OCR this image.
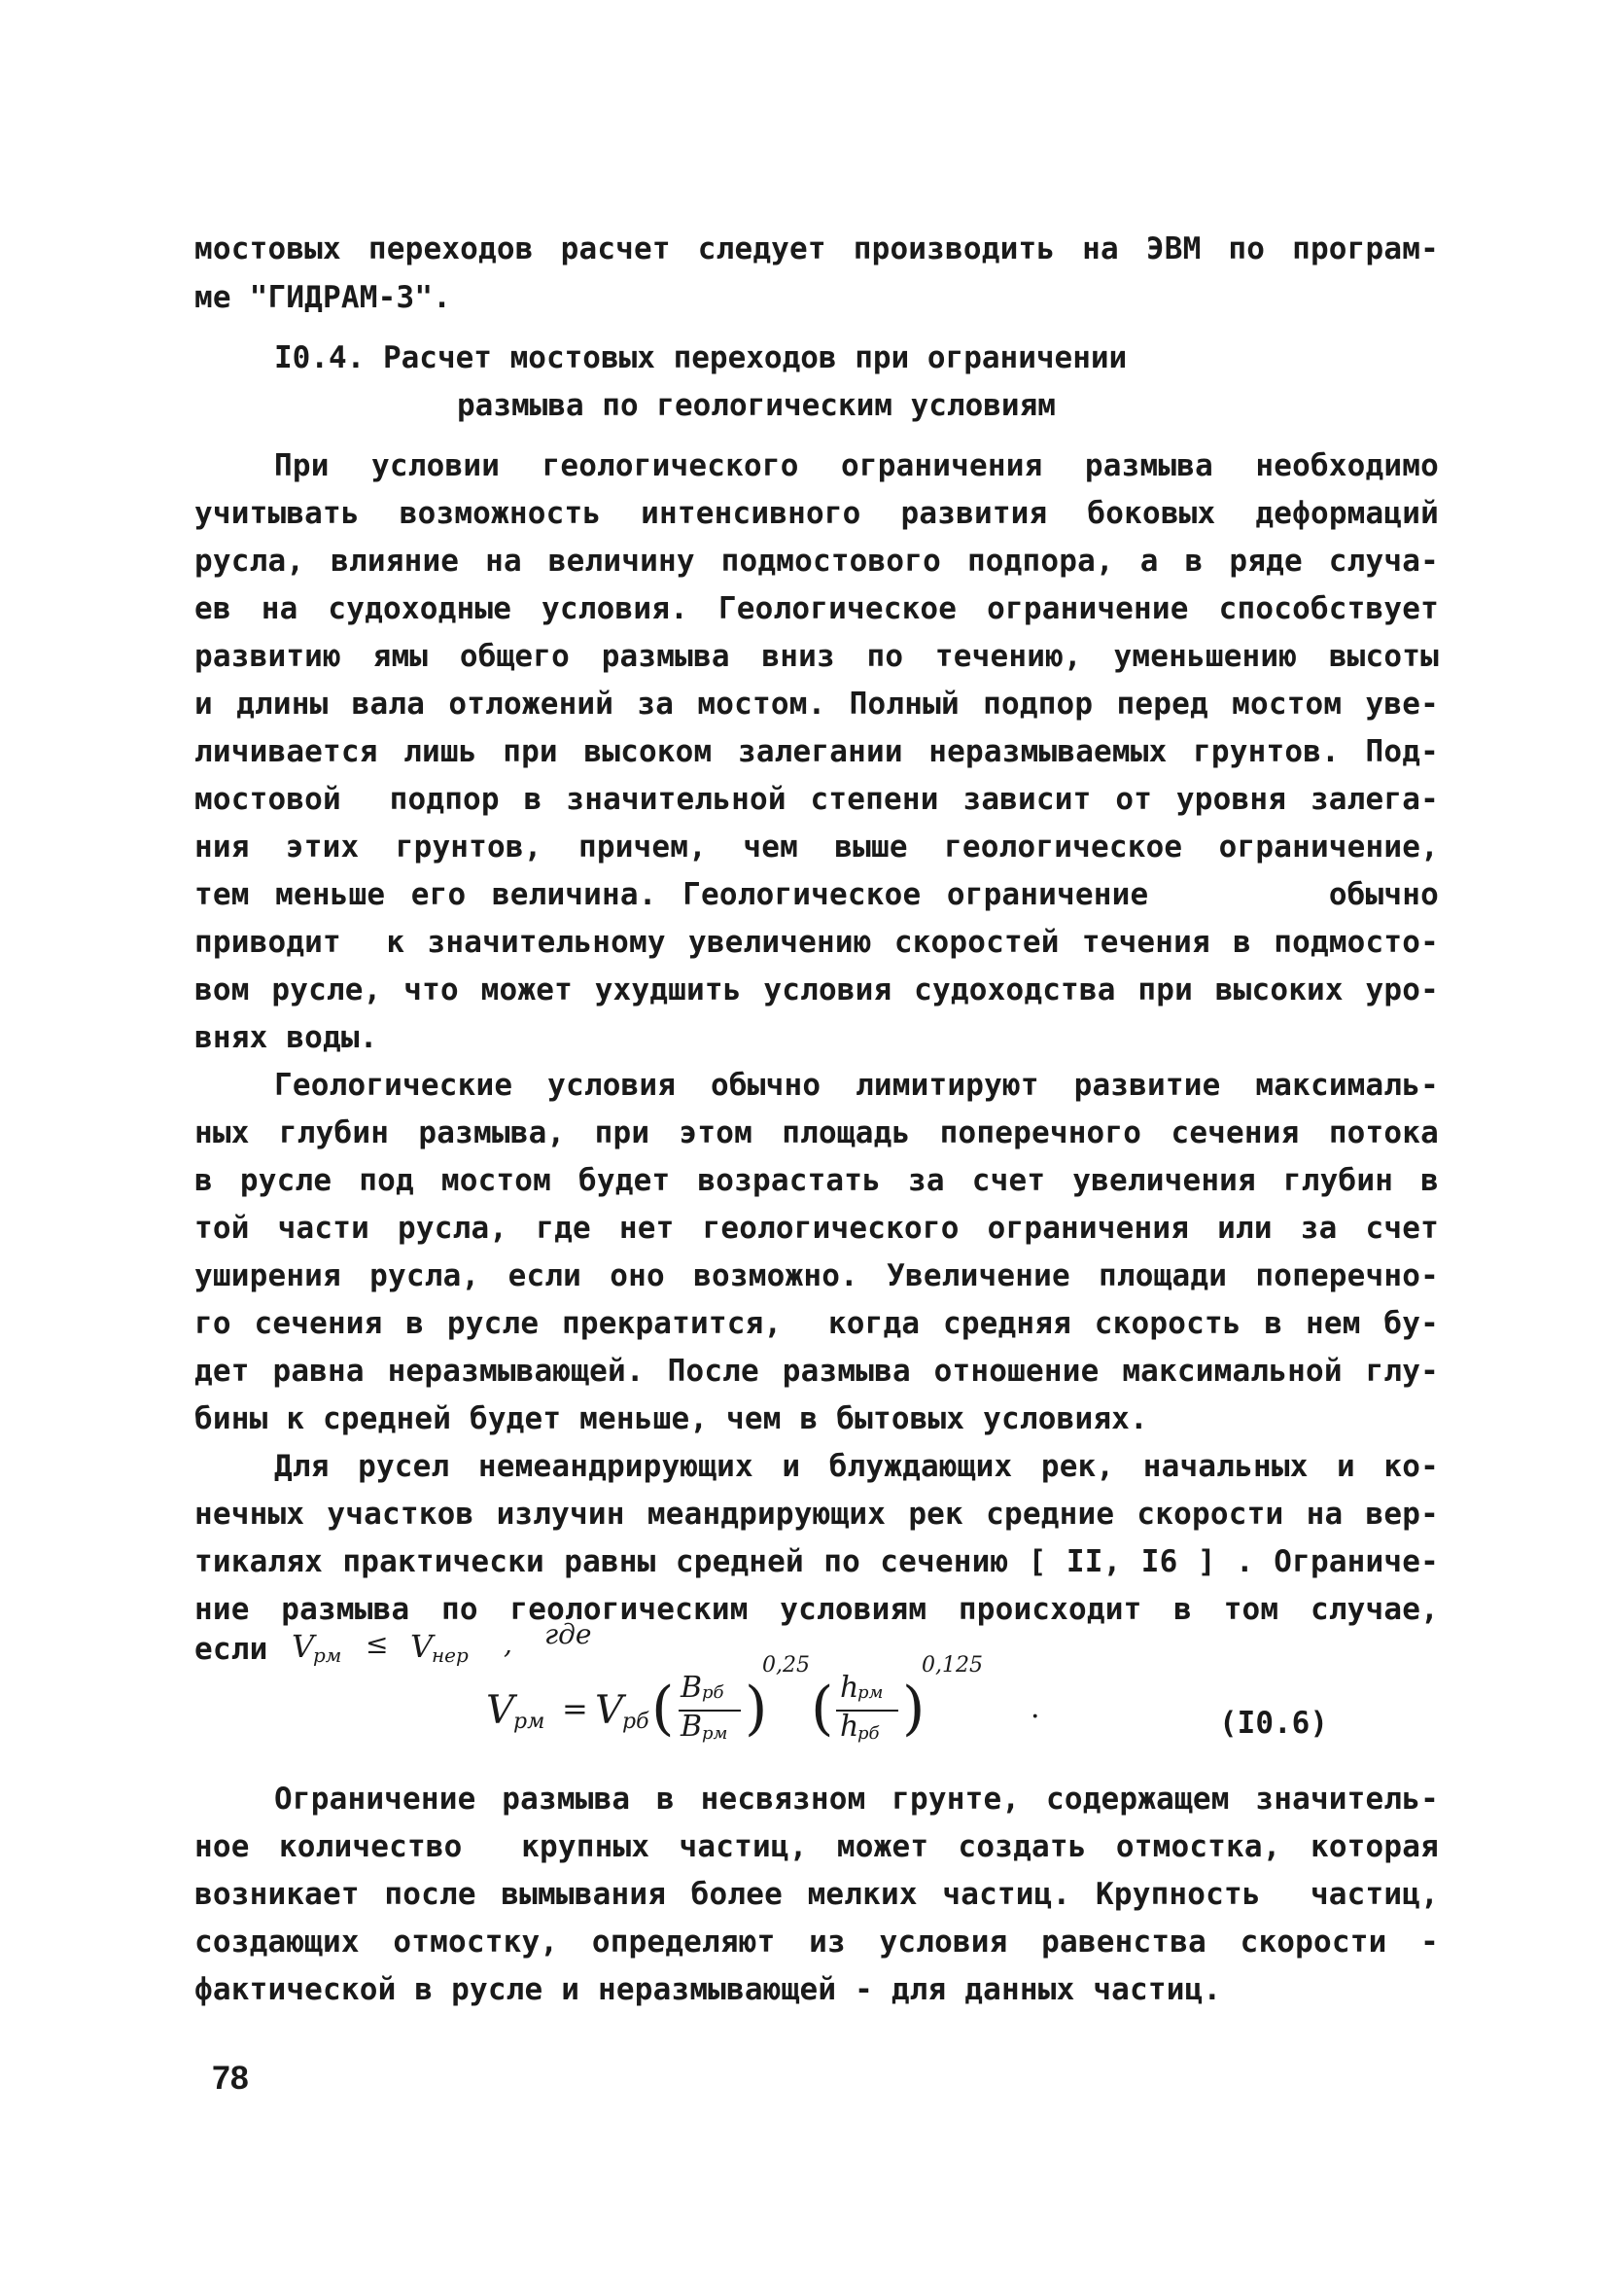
мостовых переходов расчет следует производить на ЭВМ по програм-
ме "ГИДРАМ-3".
I0.4. Расчет мостовых переходов при ограничении
размыва по геологическим условиям
При условии геологического ограничения размыва необходимо
учитывать возможность интенсивного развития боковых деформаций
русла, влияние на величину подмостового подпора, а в ряде случа-
ев на судоходные условия. Геологическое ограничение способствует
развитию ямы общего размыва вниз по течению, уменьшению высоты
и длины вала отложений за мостом. Полный подпор перед мостом уве-
личивается лишь при высоком залегании неразмываемых грунтов. Под-
мостовой  подпор в значительной степени зависит от уровня залега-
ния этих грунтов, причем, чем выше геологическое ограничение,
тем меньше его величина. Геологическое ограничение       обычно
приводит  к значительному увеличению скоростей течения в подмосто-
вом русле, что может ухудшить условия судоходства при высоких уро-
внях воды.
Геологические условия обычно лимитируют развитие максималь-
ных глубин размыва, при этом площадь поперечного сечения потока
в русле под мостом будет возрастать за счет увеличения глубин в
той части русла, где нет геологического ограничения или за счет
уширения русла, если оно возможно. Увеличение площади поперечно-
го сечения в русле прекратится,  когда средняя скорость в нем бу-
дет равна неразмывающей. После размыва отношение максимальной глу-
бины к средней будет меньше, чем в бытовых условиях.
Для русел немеандрирующих и блуждающих рек, начальных и ко-
нечных участков излучин меандрирующих рек средние скорости на вер-
тикалях практически равны средней по сечению [ II, I6 ] . Ограниче-
ние размыва по геологическим условиям происходит в том случае,
если V
рм ≤ V
нер , где
V рм = V рб ( B рб
B рм )
0,25
( h
рм
h
рб )
0,125
·	(I0.6)
Ограничение размыва в несвязном грунте, содержащем значитель-
ное количество  крупных частиц, может создать отмостка, которая
возникает после вымывания более мелких частиц. Крупность  частиц,
создающих отмостку, определяют из условия равенства скорости -
фактической в русле и неразмывающей - для данных частиц.
78
